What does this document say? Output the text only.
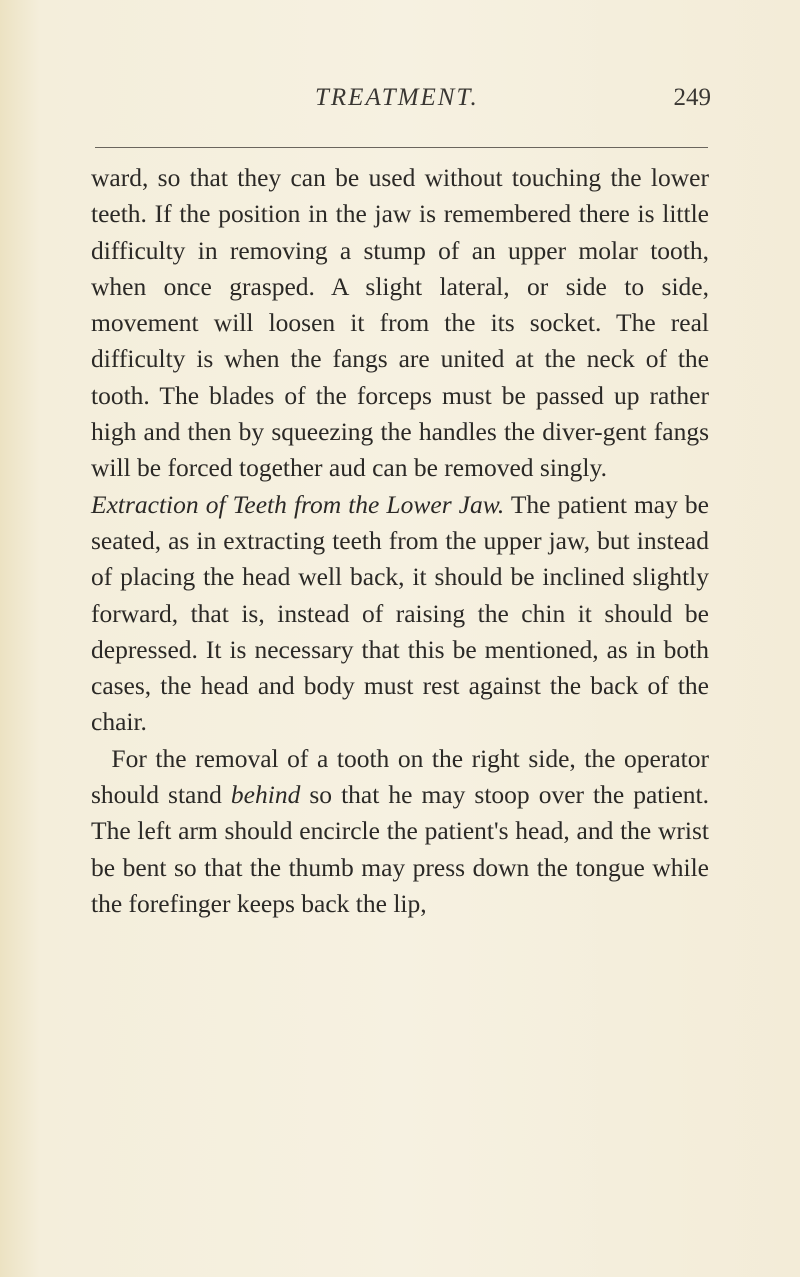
TREATMENT.	249

ward, so that they can be used without touching the lower teeth. If the position in the jaw is remembered there is little difficulty in removing a stump of an upper molar tooth, when once grasped. A slight lateral, or side to side, movement will loosen it from the its socket. The real difficulty is when the fangs are united at the neck of the tooth. The blades of the forceps must be passed up rather high and then by squeezing the handles the diver-gent fangs will be forced together aud can be removed singly.

Extraction of Teeth from the Lower Jaw. The patient may be seated, as in extracting teeth from the upper jaw, but instead of placing the head well back, it should be inclined slightly forward, that is, instead of raising the chin it should be depressed. It is necessary that this be mentioned, as in both cases, the head and body must rest against the back of the chair.

For the removal of a tooth on the right side, the operator should stand behind so that he may stoop over the patient. The left arm should encircle the patient's head, and the wrist be bent so that the thumb may press down the tongue while the forefinger keeps back the lip,
